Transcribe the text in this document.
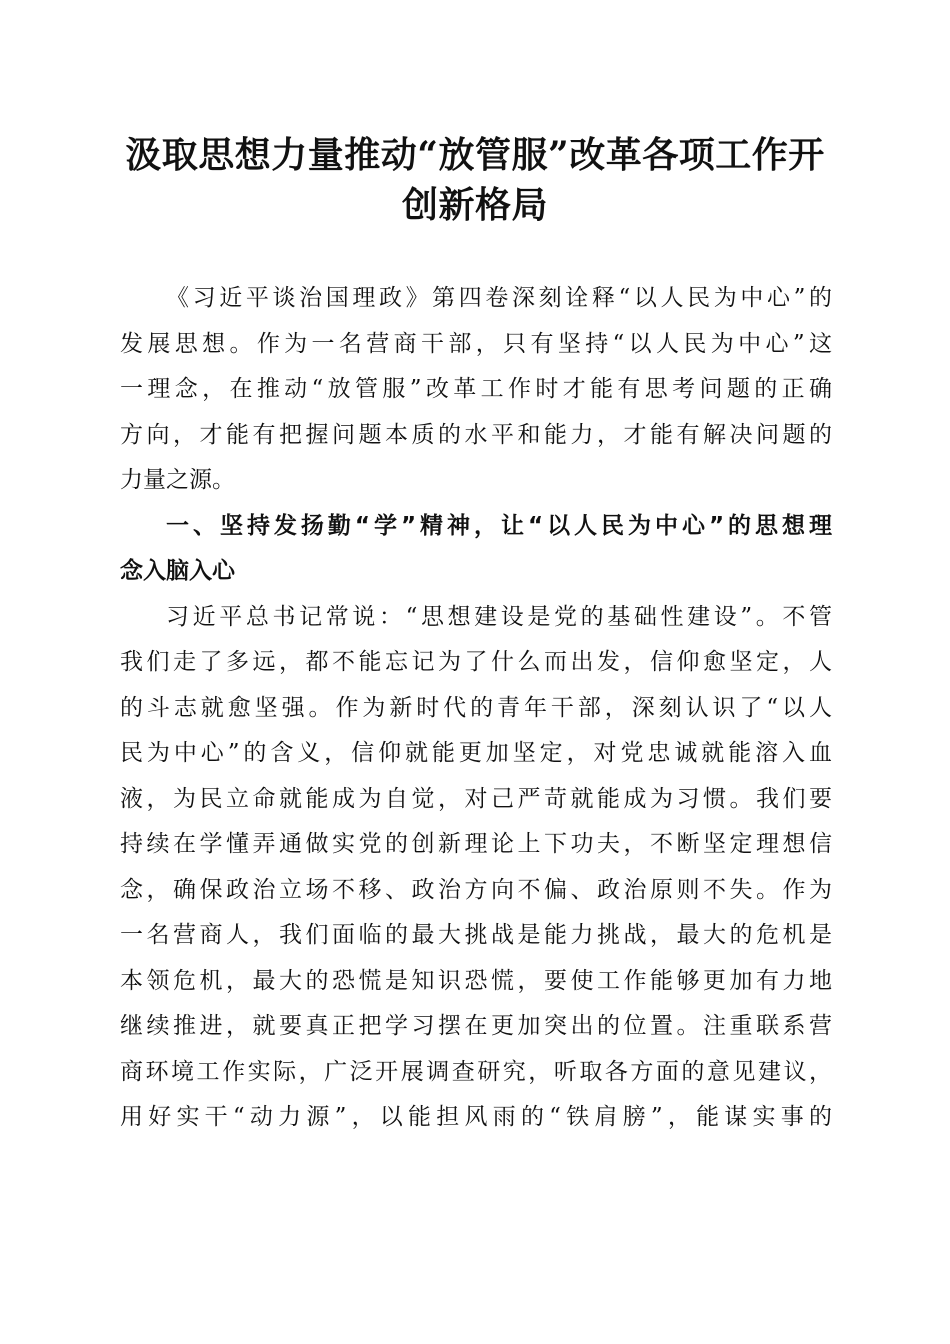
汲取思想力量推动“放管服”改革各项工作开
创新格局
《习近平谈治国理政》第四卷深刻诠释“以人民为中心”的
发展思想。作为一名营商干部，只有坚持“以人民为中心”这
一理念，在推动“放管服”改革工作时才能有思考问题的正确
方向，才能有把握问题本质的水平和能力，才能有解决问题的
力量之源。
一、坚持发扬勤“学”精神，让“以人民为中心”的思想理
念入脑入心
习近平总书记常说：“思想建设是党的基础性建设”。不管
我们走了多远，都不能忘记为了什么而出发，信仰愈坚定，人
的斗志就愈坚强。作为新时代的青年干部，深刻认识了“以人
民为中心”的含义，信仰就能更加坚定，对党忠诚就能溶入血
液，为民立命就能成为自觉，对己严苛就能成为习惯。我们要
持续在学懂弄通做实党的创新理论上下功夫，不断坚定理想信
念，确保政治立场不移、政治方向不偏、政治原则不失。作为
一名营商人，我们面临的最大挑战是能力挑战，最大的危机是
本领危机，最大的恐慌是知识恐慌，要使工作能够更加有力地
继续推进，就要真正把学习摆在更加突出的位置。注重联系营
商环境工作实际，广泛开展调查研究，听取各方面的意见建议，
用好实干“动力源”，以能担风雨的“铁肩膀”，能谋实事的
